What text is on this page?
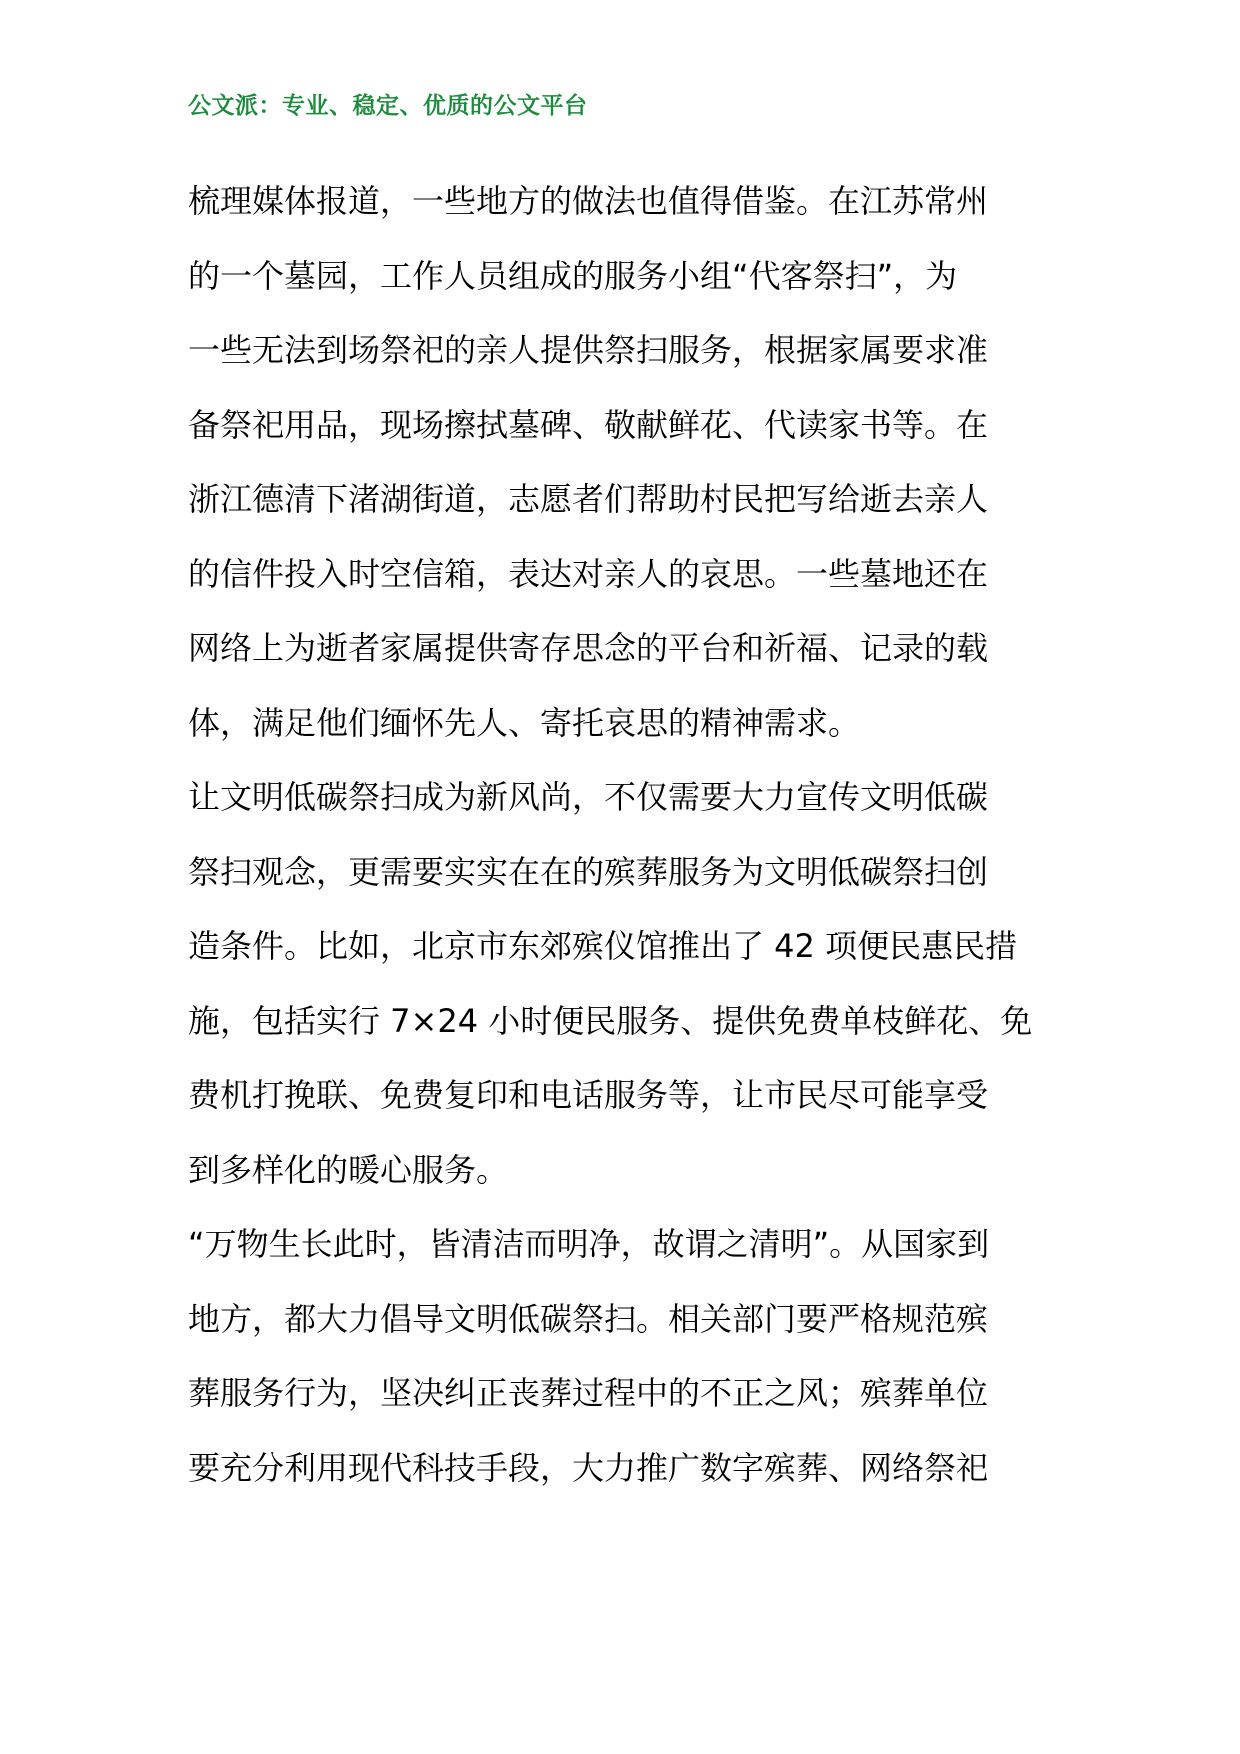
公文派：专业、稳定、优质的公文平台
梳理媒体报道，一些地方的做法也值得借鉴。在江苏常州
的一个墓园，工作人员组成的服务小组“代客祭扫”，为
一些无法到场祭祀的亲人提供祭扫服务，根据家属要求准
备祭祀用品，现场擦拭墓碑、敬献鲜花、代读家书等。在
浙江德清下渚湖街道，志愿者们帮助村民把写给逝去亲人
的信件投入时空信箱，表达对亲人的哀思。一些墓地还在
网络上为逝者家属提供寄存思念的平台和祈福、记录的载
体，满足他们缅怀先人、寄托哀思的精神需求。
让文明低碳祭扫成为新风尚，不仅需要大力宣传文明低碳
祭扫观念，更需要实实在在的殡葬服务为文明低碳祭扫创
造条件。比如，北京市东郊殡仪馆推出了 42 项便民惠民措
施，包括实行 7×24 小时便民服务、提供免费单枝鲜花、免
费机打挽联、免费复印和电话服务等，让市民尽可能享受
到多样化的暖心服务。
“万物生长此时，皆清洁而明净，故谓之清明”。从国家到
地方，都大力倡导文明低碳祭扫。相关部门要严格规范殡
葬服务行为，坚决纠正丧葬过程中的不正之风；殡葬单位
要充分利用现代科技手段，大力推广数字殡葬、网络祭祀
